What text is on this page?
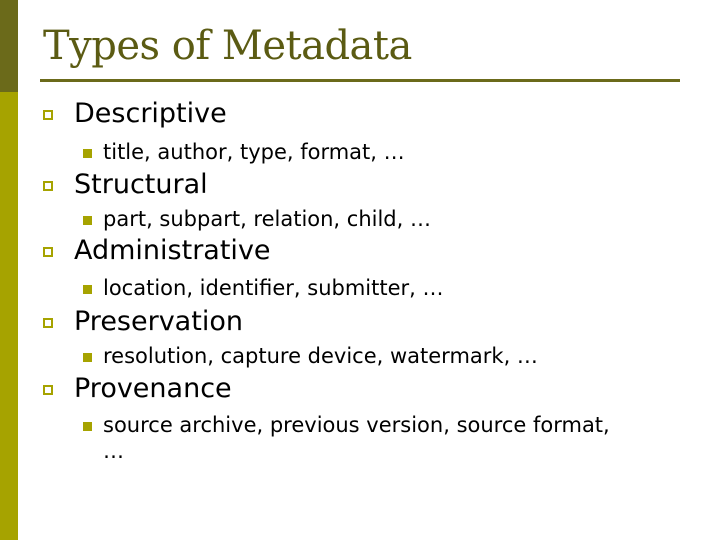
Types of Metadata
Descriptive
title, author, type, format, …
Structural
part, subpart, relation, child, …
Administrative
location, identifier, submitter, …
Preservation
resolution, capture device, watermark, …
Provenance
source archive, previous version, source format, …
